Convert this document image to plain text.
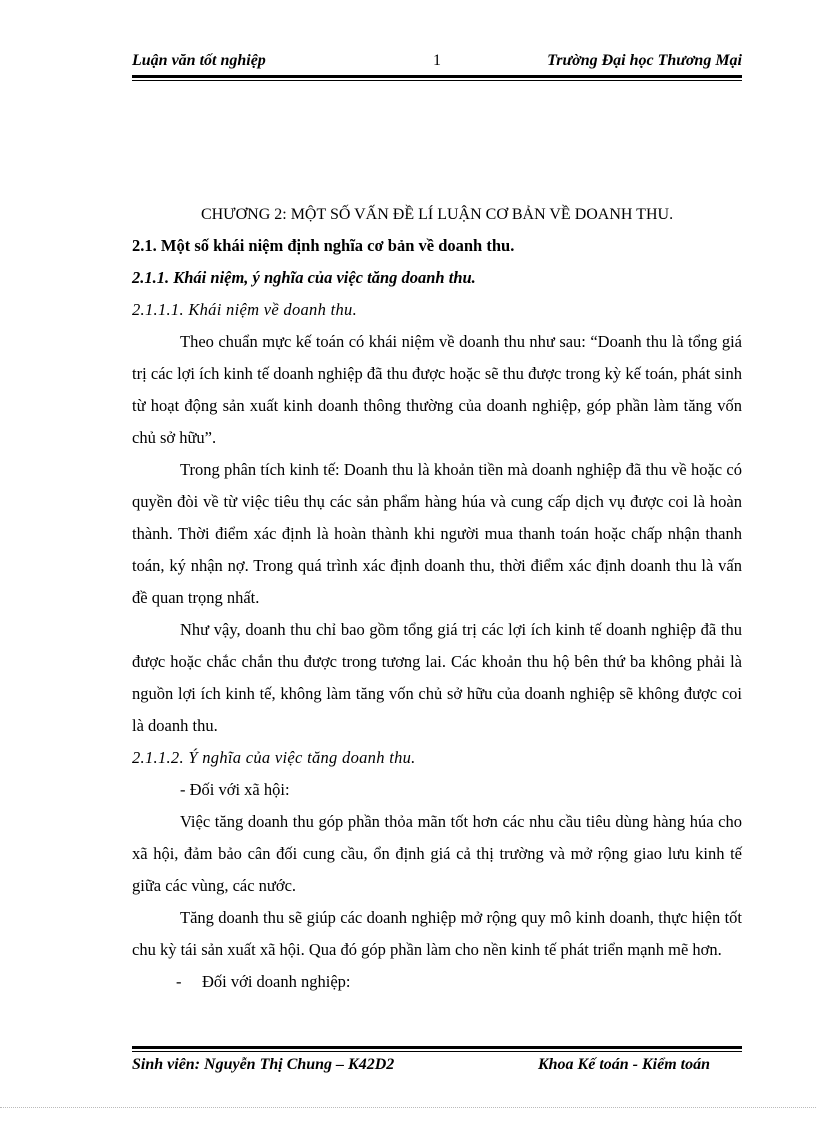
Luận văn tốt nghiệp	1	Trường Đại học Thương Mại

CHƯƠNG 2: MỘT SỐ VẤN ĐỀ LÍ LUẬN CƠ BẢN VỀ DOANH THU.

2.1. Một số khái niệm định nghĩa cơ bản về doanh thu.

2.1.1. Khái niệm, ý nghĩa của việc tăng doanh thu.

2.1.1.1. Khái niệm về doanh thu.

Theo chuẩn mực kế toán có khái niệm về doanh thu như sau: “Doanh thu là tổng giá trị các lợi ích kinh tế doanh nghiệp đã thu được hoặc sẽ thu được trong kỳ kế toán, phát sinh từ hoạt động sản xuất kinh doanh thông thường của doanh nghiệp, góp phần làm tăng vốn chủ sở hữu”.

Trong phân tích kinh tế: Doanh thu là khoản tiền mà doanh nghiệp đã thu về hoặc có quyền đòi về từ việc tiêu thụ các sản phẩm hàng húa và cung cấp dịch vụ được coi là hoàn thành. Thời điểm xác định là hoàn thành khi người mua thanh toán hoặc chấp nhận thanh toán, ký nhận nợ. Trong quá trình xác định doanh thu, thời điểm xác định doanh thu là vấn đề quan trọng nhất.

Như vậy, doanh thu chỉ bao gồm tổng giá trị các lợi ích kinh tế doanh nghiệp đã thu được hoặc chắc chắn thu được trong tương lai. Các khoản thu hộ bên thứ ba không phải là nguồn lợi ích kinh tế, không làm tăng vốn chủ sở hữu của doanh nghiệp sẽ không được coi là doanh thu.

2.1.1.2. Ý nghĩa của việc tăng doanh thu.

- Đối với xã hội:

Việc tăng doanh thu góp phần thỏa mãn tốt hơn các nhu cầu tiêu dùng hàng húa cho xã hội, đảm bảo cân đối cung cầu, ổn định giá cả thị trường và mở rộng giao lưu kinh tế giữa các vùng, các nước.

Tăng doanh thu sẽ giúp các doanh nghiệp mở rộng quy mô kinh doanh, thực hiện tốt chu kỳ tái sản xuất xã hội. Qua đó góp phần làm cho nền kinh tế phát triển mạnh mẽ hơn.

- Đối với doanh nghiệp:

Sinh viên: Nguyễn Thị Chung – K42D2	Khoa Kế toán - Kiểm toán
